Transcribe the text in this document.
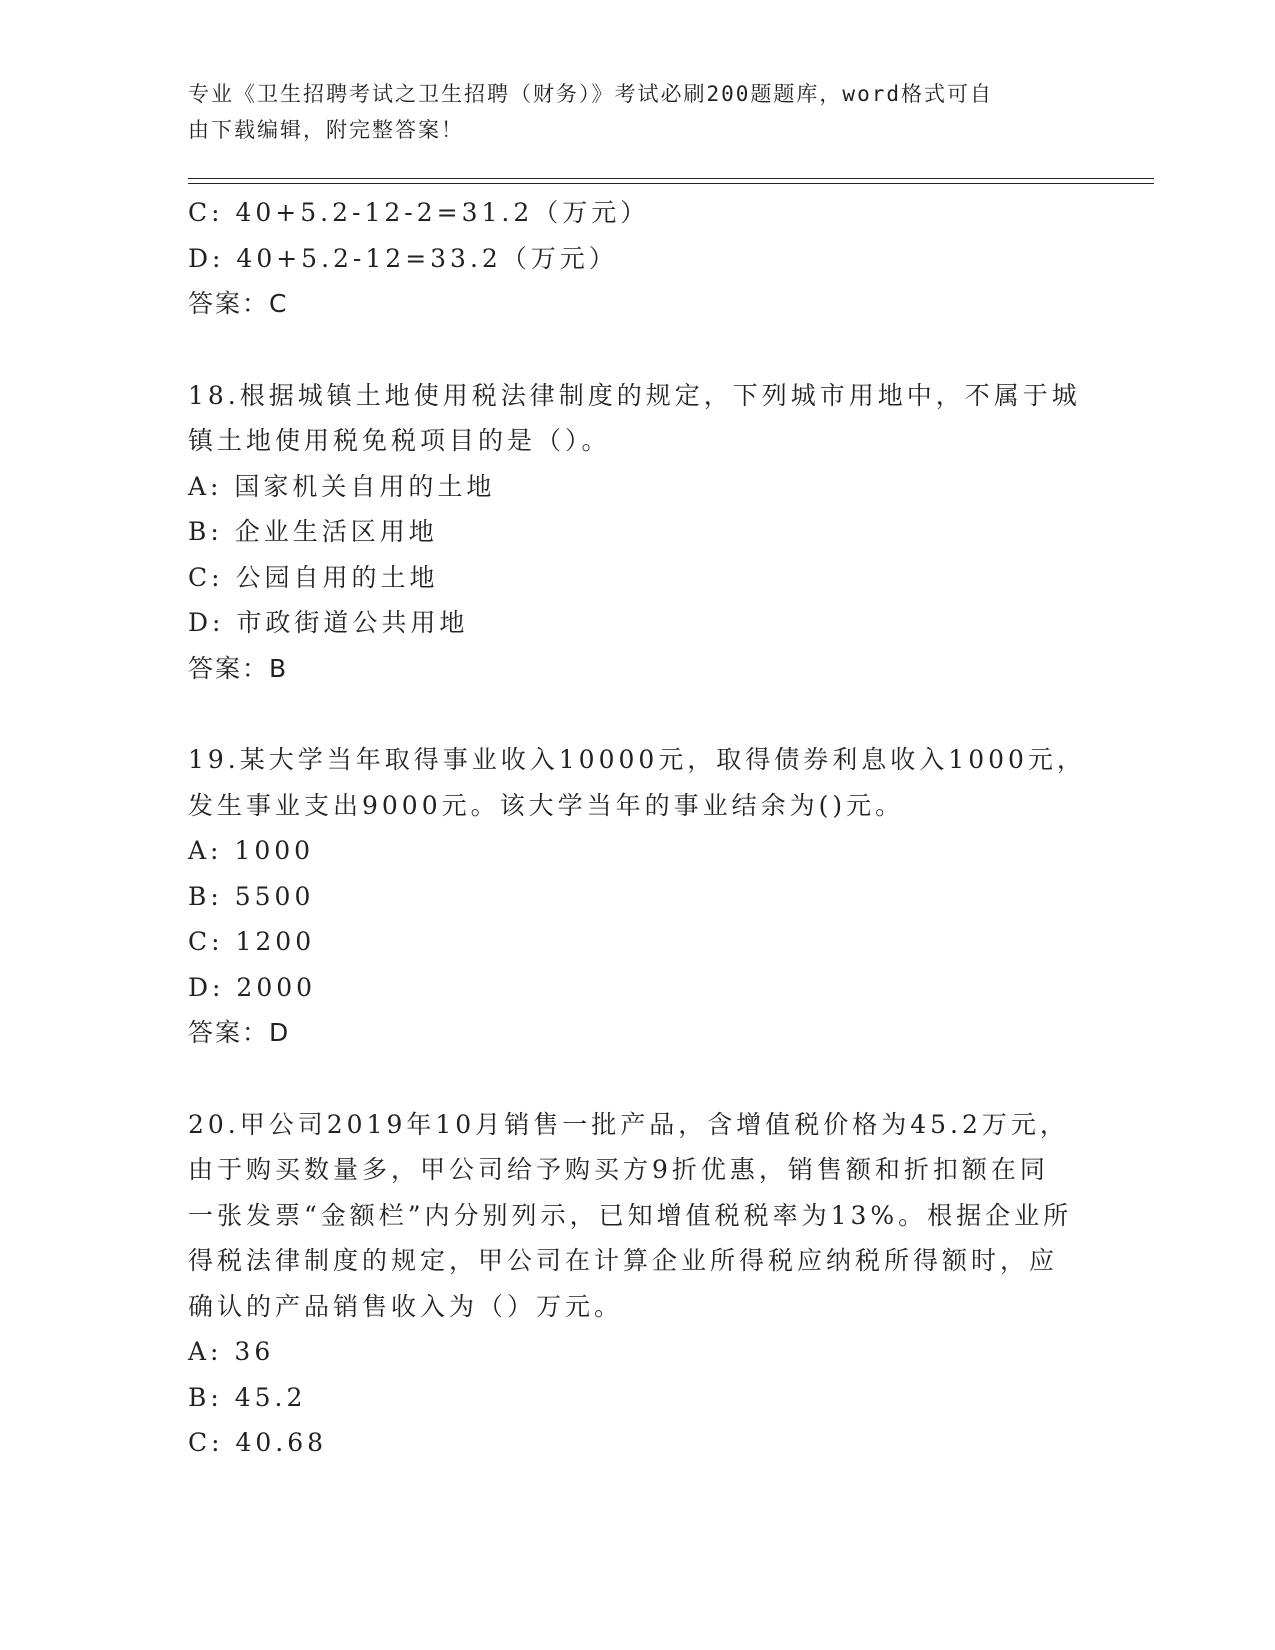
专业《卫生招聘考试之卫生招聘（财务）》考试必刷200题题库，word格式可自
由下载编辑，附完整答案！
C: 40+5.2-12-2=31.2（万元）
D: 40+5.2-12=33.2（万元）
答案：C
18.根据城镇土地使用税法律制度的规定，下列城市用地中，不属于城
镇土地使用税免税项目的是（）。
A: 国家机关自用的土地
B: 企业生活区用地
C: 公园自用的土地
D: 市政街道公共用地
答案：B
19.某大学当年取得事业收入10000元，取得债券利息收入1000元，
发生事业支出9000元。该大学当年的事业结余为()元。
A: 1000
B: 5500
C: 1200
D: 2000
答案：D
20.甲公司2019年10月销售一批产品，含增值税价格为45.2万元，
由于购买数量多，甲公司给予购买方9折优惠，销售额和折扣额在同
一张发票“金额栏”内分别列示，已知增值税税率为13%。根据企业所
得税法律制度的规定，甲公司在计算企业所得税应纳税所得额时，应
确认的产品销售收入为（）万元。
A: 36
B: 45.2
C: 40.68
